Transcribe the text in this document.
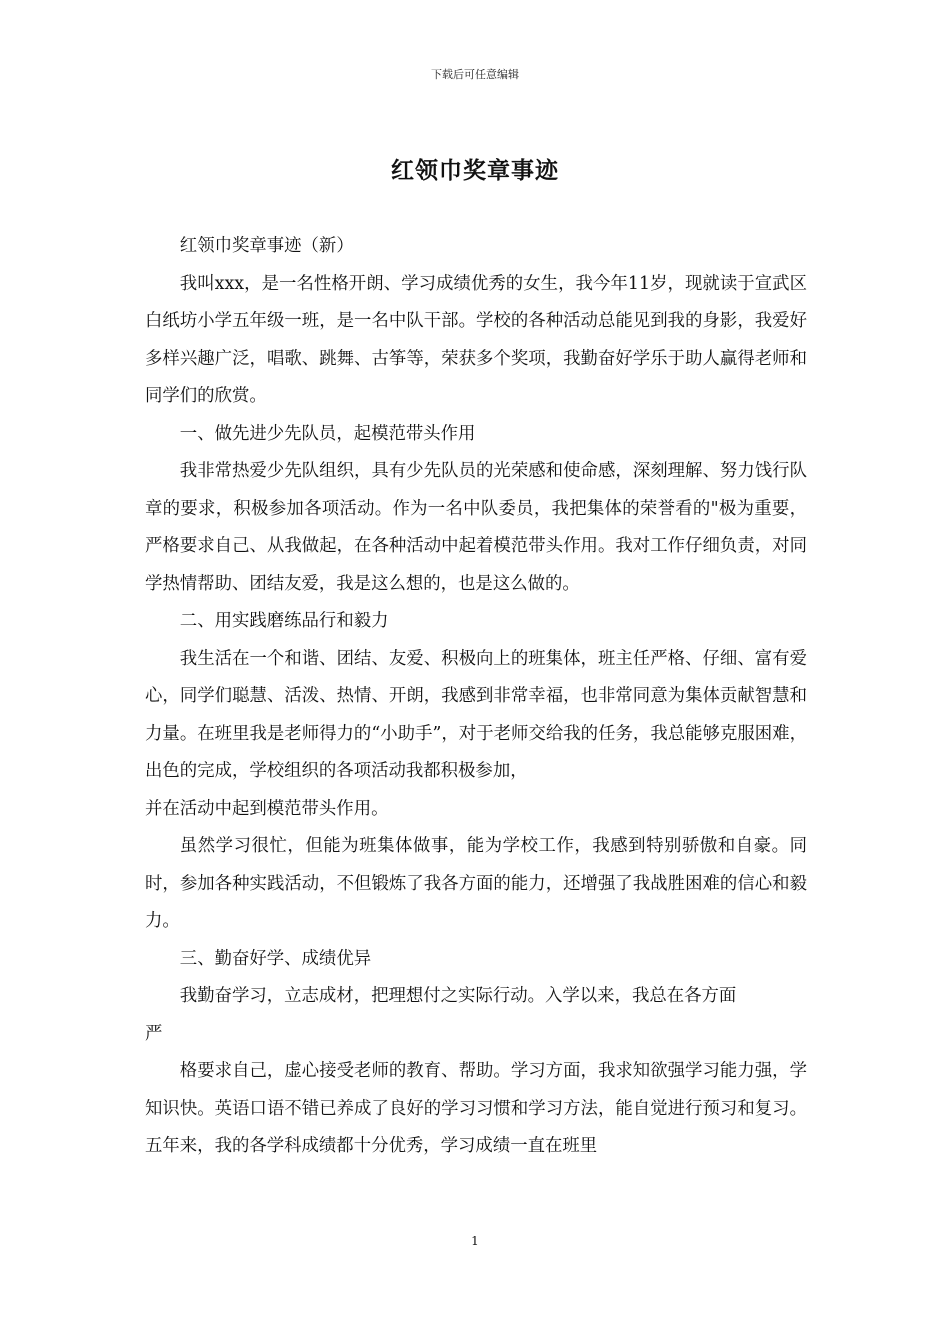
下载后可任意编辑
红领巾奖章事迹

红领巾奖章事迹（新）

我叫xxx，是一名性格开朗、学习成绩优秀的女生，我今年11岁，现就读于宣武区白纸坊小学五年级一班，是一名中队干部。学校的各种活动总能见到我的身影，我爱好多样兴趣广泛，唱歌、跳舞、古筝等，荣获多个奖项，我勤奋好学乐于助人赢得老师和同学们的欣赏。

一、做先进少先队员，起模范带头作用

我非常热爱少先队组织，具有少先队员的光荣感和使命感，深刻理解、努力饯行队章的要求，积极参加各项活动。作为一名中队委员，我把集体的荣誉看的"极为重要，严格要求自己、从我做起，在各种活动中起着模范带头作用。我对工作仔细负责，对同学热情帮助、团结友爱，我是这么想的，也是这么做的。

二、用实践磨练品行和毅力

我生活在一个和谐、团结、友爱、积极向上的班集体，班主任严格、仔细、富有爱心，同学们聪慧、活泼、热情、开朗，我感到非常幸福，也非常同意为集体贡献智慧和力量。在班里我是老师得力的“小助手”，对于老师交给我的任务，我总能够克服困难，出色的完成，学校组织的各项活动我都积极参加，

并在活动中起到模范带头作用。

虽然学习很忙，但能为班集体做事，能为学校工作，我感到特别骄傲和自豪。同时，参加各种实践活动，不但锻炼了我各方面的能力，还增强了我战胜困难的信心和毅力。

三、勤奋好学、成绩优异

我勤奋学习，立志成材，把理想付之实际行动。入学以来，我总在各方面

严

格要求自己，虚心接受老师的教育、帮助。学习方面，我求知欲强学习能力强，学知识快。英语口语不错已养成了良好的学习习惯和学习方法，能自觉进行预习和复习。五年来，我的各学科成绩都十分优秀，学习成绩一直在班里

1
